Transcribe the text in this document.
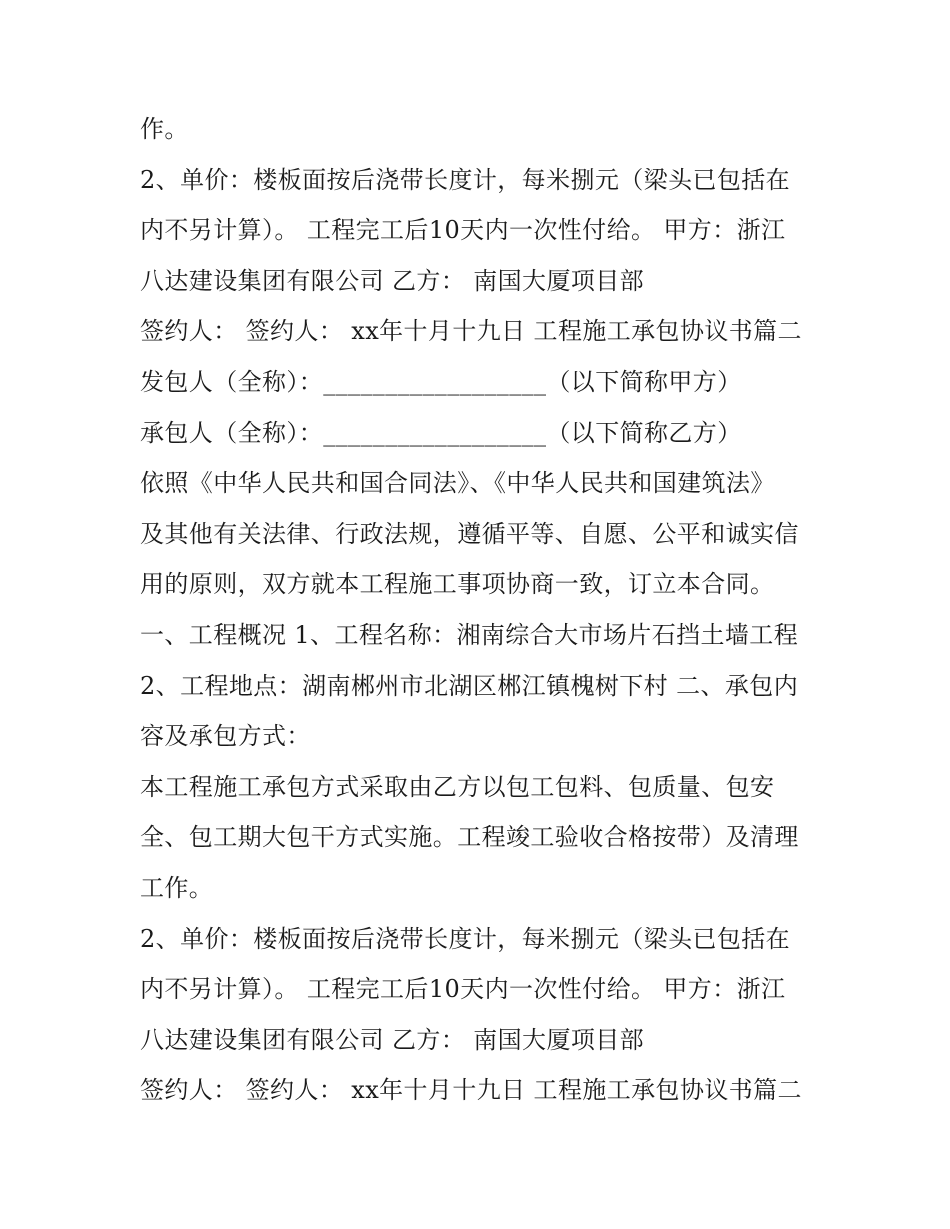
作。
2、单价：楼板面按后浇带长度计，每米捌元（梁头已包括在
内不另计算）。 工程完工后10天内一次性付给。 甲方：浙江
八达建设集团有限公司 乙方： 南国大厦项目部
签约人： 签约人： xx年十月十九日 工程施工承包协议书篇二
发包人（全称）：__________________（以下简称甲方）
承包人（全称）：__________________（以下简称乙方）
依照《中华人民共和国合同法》、《中华人民共和国建筑法》
及其他有关法律、行政法规，遵循平等、自愿、公平和诚实信
用的原则，双方就本工程施工事项协商一致，订立本合同。
一、工程概况 1、工程名称：湘南综合大市场片石挡土墙工程
2、工程地点：湖南郴州市北湖区郴江镇槐树下村 二、承包内
容及承包方式：
本工程施工承包方式采取由乙方以包工包料、包质量、包安
全、包工期大包干方式实施。工程竣工验收合格按带）及清理
工作。
2、单价：楼板面按后浇带长度计，每米捌元（梁头已包括在
内不另计算）。 工程完工后10天内一次性付给。 甲方：浙江
八达建设集团有限公司 乙方： 南国大厦项目部
签约人： 签约人： xx年十月十九日 工程施工承包协议书篇二
